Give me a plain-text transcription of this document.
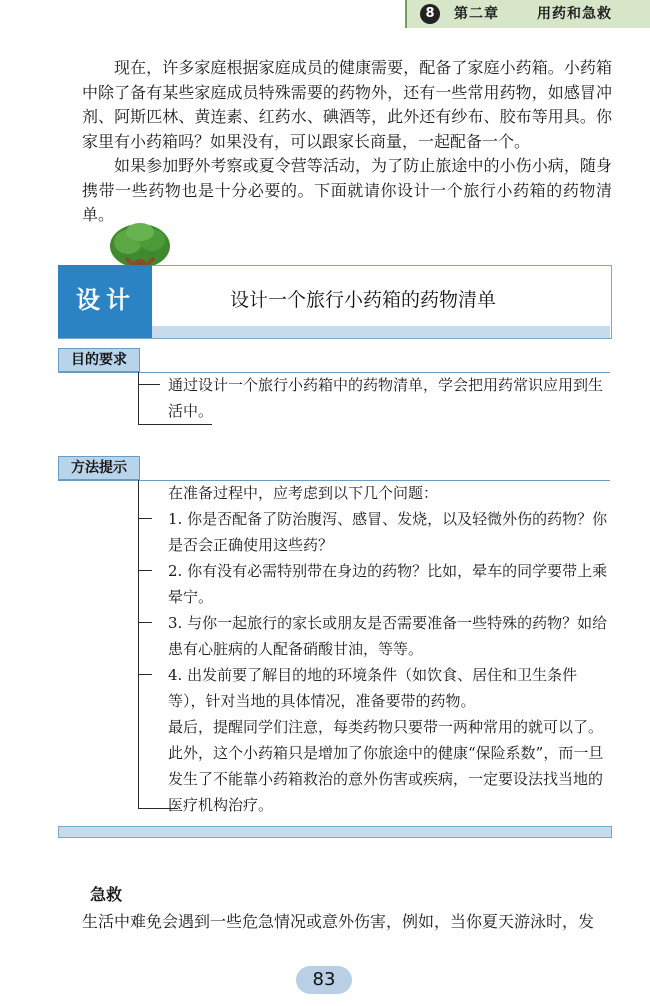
8	第二章	用药和急救

现在，许多家庭根据家庭成员的健康需要，配备了家庭小药箱。小药箱中除了备有某些家庭成员特殊需要的药物外，还有一些常用药物，如感冒冲剂、阿斯匹林、黄连素、红药水、碘酒等，此外还有纱布、胶布等用具。你家里有小药箱吗？如果没有，可以跟家长商量，一起配备一个。

如果参加野外考察或夏令营等活动，为了防止旅途中的小伤小病，随身携带一些药物也是十分必要的。下面就请你设计一个旅行小药箱的药物清单。

设计	设计一个旅行小药箱的药物清单
目的要求

通过设计一个旅行小药箱中的药物清单，学会把用药常识应用到生活中。

方法提示

在准备过程中，应考虑到以下几个问题：

1. 你是否配备了防治腹泻、感冒、发烧，以及轻微外伤的药物？你是否会正确使用这些药？

2. 你有没有必需特别带在身边的药物？比如，晕车的同学要带上乘晕宁。

3. 与你一起旅行的家长或朋友是否需要准备一些特殊的药物？如给患有心脏病的人配备硝酸甘油，等等。

4. 出发前要了解目的地的环境条件（如饮食、居住和卫生条件等），针对当地的具体情况，准备要带的药物。

最后，提醒同学们注意，每类药物只要带一两种常用的就可以了。此外，这个小药箱只是增加了你旅途中的健康“保险系数”，而一旦发生了不能靠小药箱救治的意外伤害或疾病，一定要设法找当地的医疗机构治疗。

急救

生活中难免会遇到一些危急情况或意外伤害，例如，当你夏天游泳时，发

83
